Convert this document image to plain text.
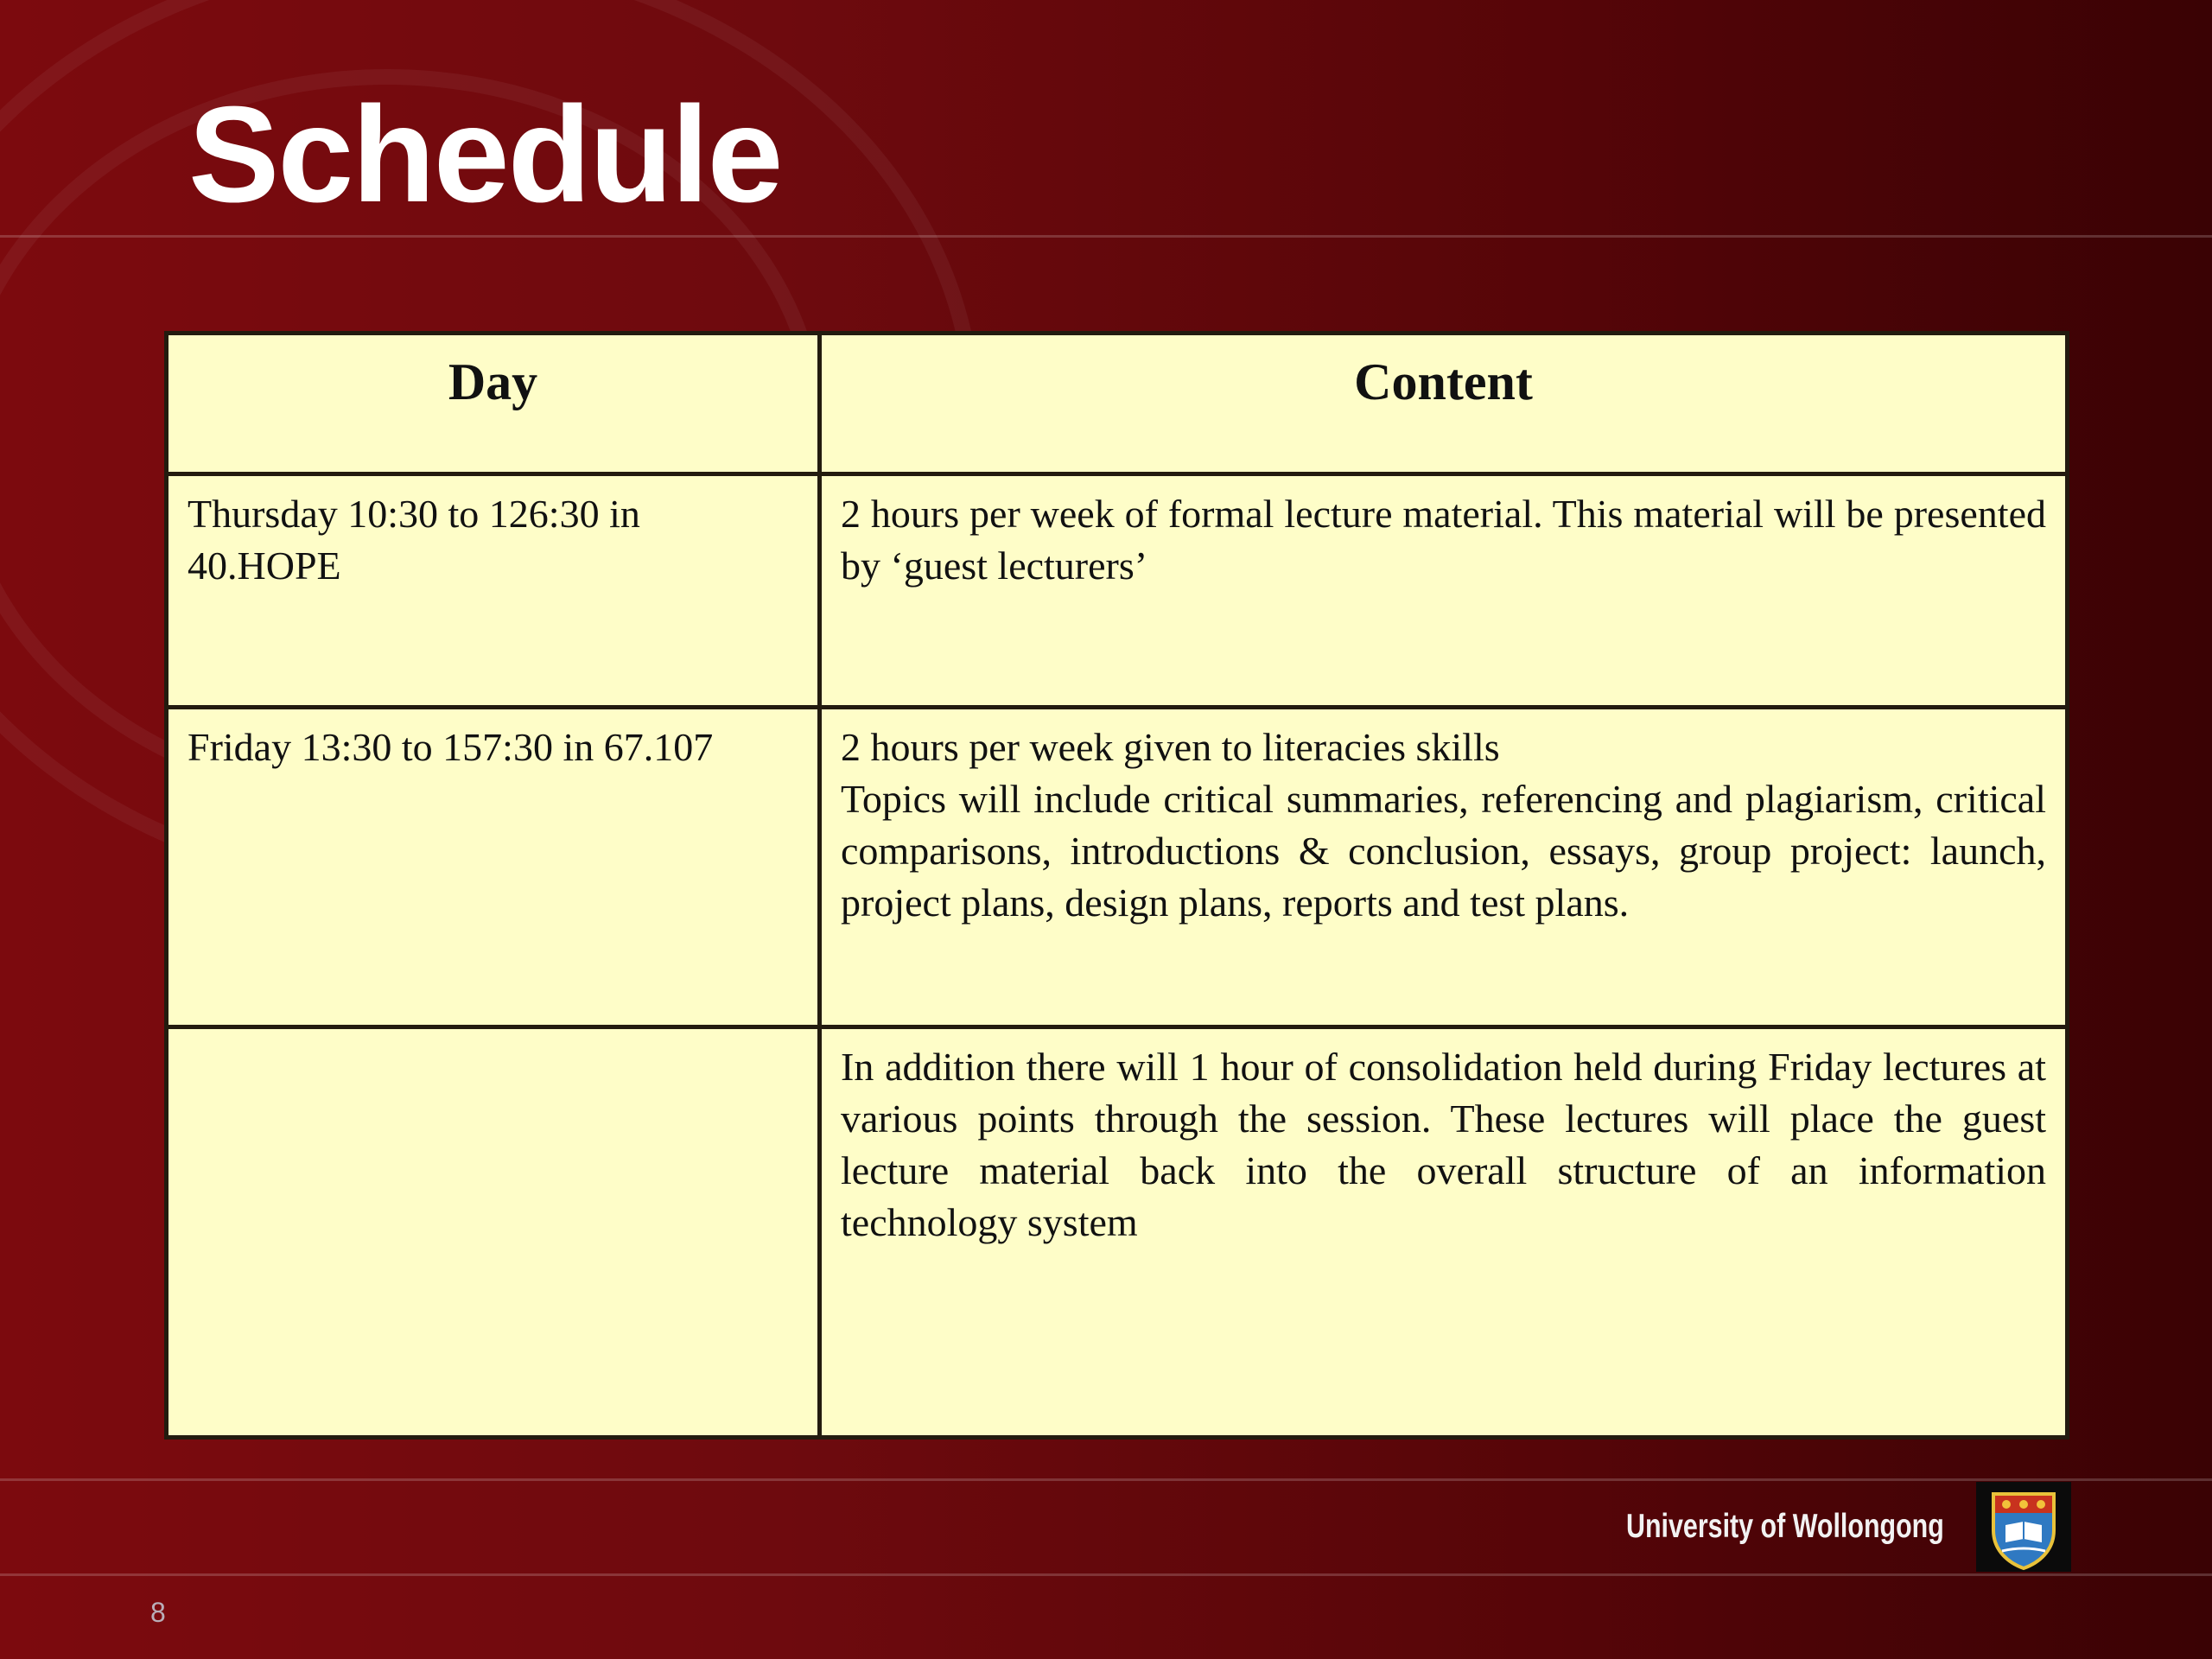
Schedule
Day	Content
Thursday 10:30 to 126:30 in 40.HOPE	2 hours per week of formal lecture material. This material will be presented by ‘guest lecturers’

Friday 13:30 to 157:30 in 67.107	2 hours per week given to literacies skills
Topics will include critical summaries, referencing and plagiarism, critical comparisons, introductions & conclusion, essays, group project: launch, project plans, design plans, reports and test plans.

	In addition there will 1 hour of consolidation held during Friday lectures at various points through the session. These lectures will place the guest lecture material back into the overall structure of an information technology system
University of Wollongong
8
